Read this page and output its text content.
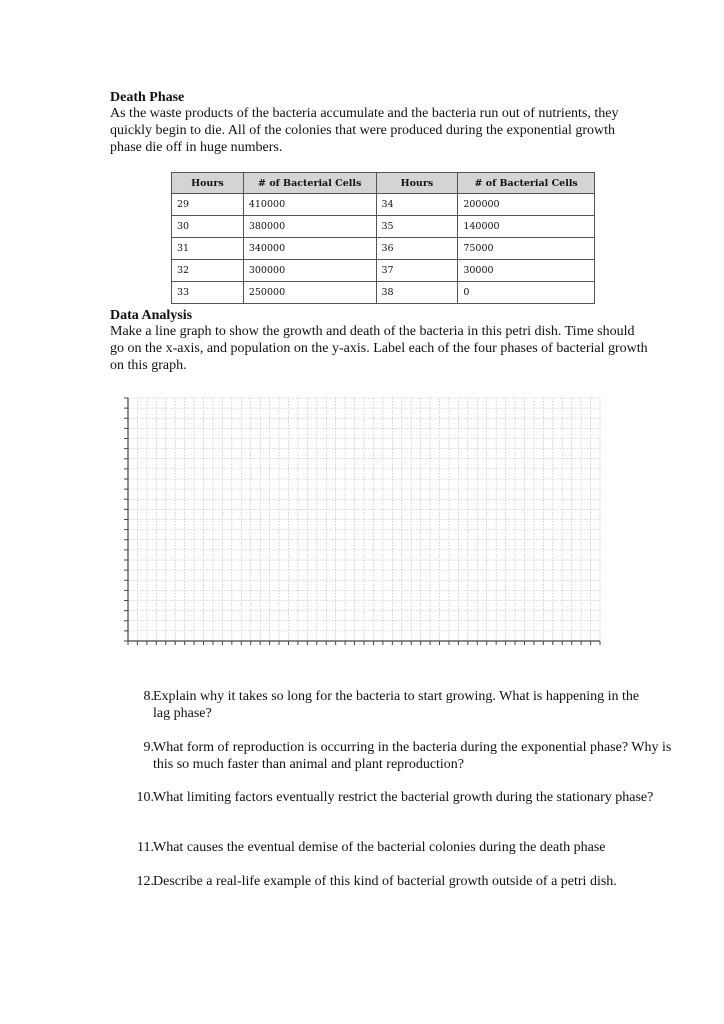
Death Phase
As the waste products of the bacteria accumulate and the bacteria run out of nutrients, they quickly begin to die. All of the colonies that were produced during the exponential growth phase die off in huge numbers.
Hours	# of Bacterial Cells	Hours	# of Bacterial Cells
29	410000	34	200000
30	380000	35	140000
31	340000	36	75000
32	300000	37	30000
33	250000	38	0
Data Analysis
Make a line graph to show the growth and death of the bacteria in this petri dish. Time should go on the x-axis, and population on the y-axis. Label each of the four phases of bacterial growth on this graph.
8. Explain why it takes so long for the bacteria to start growing. What is happening in the lag phase?
9. What form of reproduction is occurring in the bacteria during the exponential phase? Why is this so much faster than animal and plant reproduction?
10. What limiting factors eventually restrict the bacterial growth during the stationary phase?
11. What causes the eventual demise of the bacterial colonies during the death phase
12. Describe a real-life example of this kind of bacterial growth outside of a petri dish.
